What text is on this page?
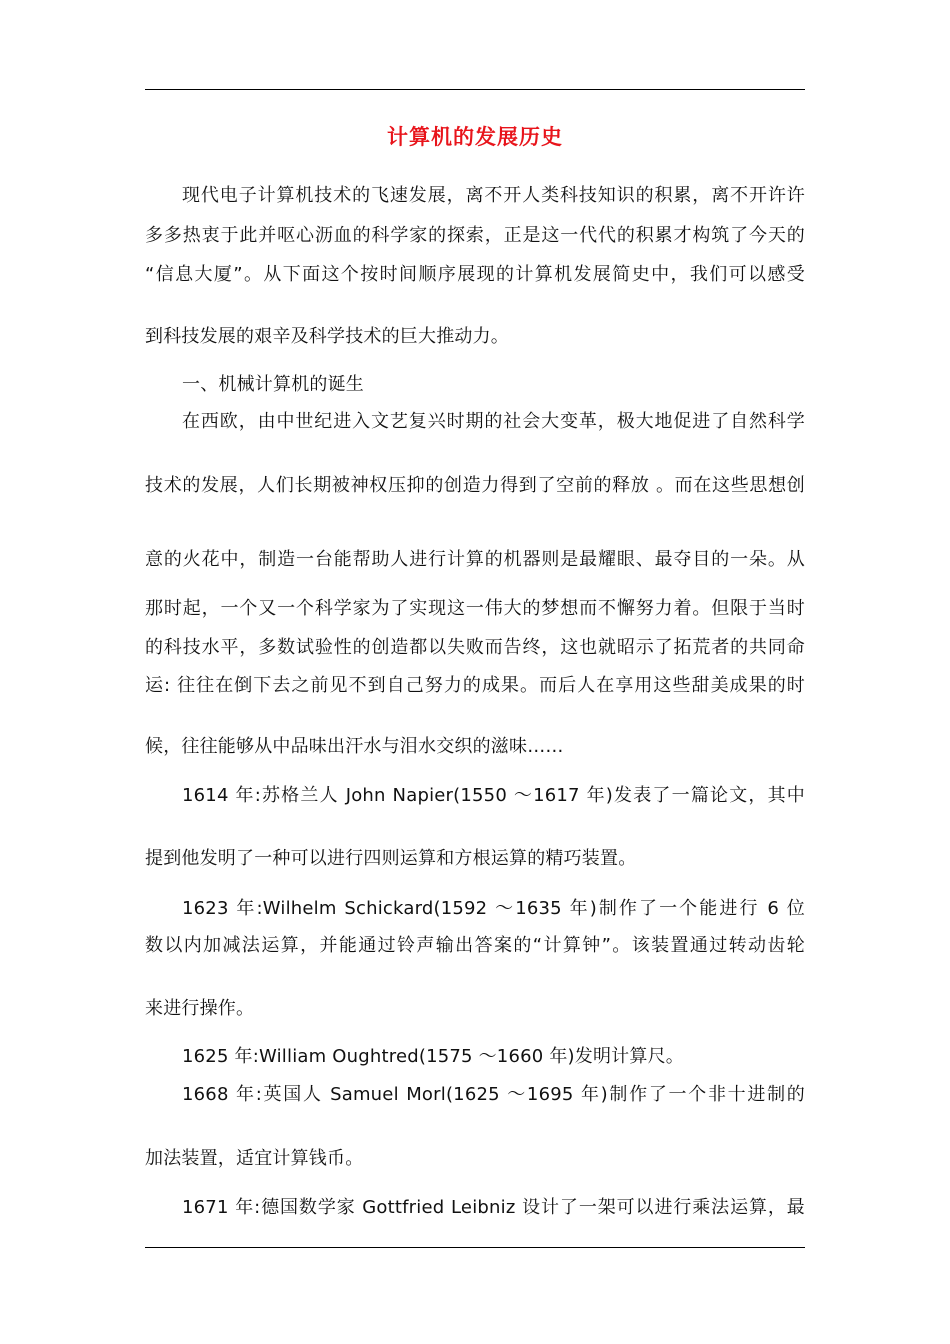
计算机的发展历史
现代电子计算机技术的飞速发展，离不开人类科技知识的积累，离不开许许
多多热衷于此并呕心沥血的科学家的探索，正是这一代代的积累才构筑了今天的
“信息大厦”。从下面这个按时间顺序展现的计算机发展简史中，我们可以感受
到科技发展的艰辛及科学技术的巨大推动力。
一、机械计算机的诞生
在西欧，由中世纪进入文艺复兴时期的社会大变革，极大地促进了自然科学
技术的发展，人们长期被神权压抑的创造力得到了空前的释放 。而在这些思想创
意的火花中，制造一台能帮助人进行计算的机器则是最耀眼、最夺目的一朵。从
那时起，一个又一个科学家为了实现这一伟大的梦想而不懈努力着。但限于当时
的科技水平，多数试验性的创造都以失败而告终，这也就昭示了拓荒者的共同命
运: 往往在倒下去之前见不到自己努力的成果。而后人在享用这些甜美成果的时
候，往往能够从中品味出汗水与泪水交织的滋味……
1614 年:苏格兰人 John Napier(1550 ～1617 年)发表了一篇论文，其中
提到他发明了一种可以进行四则运算和方根运算的精巧装置。
1623 年:Wilhelm Schickard(1592 ～1635 年)制作了一个能进行 6 位
数以内加减法运算，并能通过铃声输出答案的“计算钟”。该装置通过转动齿轮
来进行操作。
1625 年:William Oughtred(1575 ～1660 年)发明计算尺。
1668 年:英国人 Samuel Morl(1625 ～1695 年)制作了一个非十进制的
加法装置，适宜计算钱币。
1671 年:德国数学家 Gottfried Leibniz 设计了一架可以进行乘法运算，最
